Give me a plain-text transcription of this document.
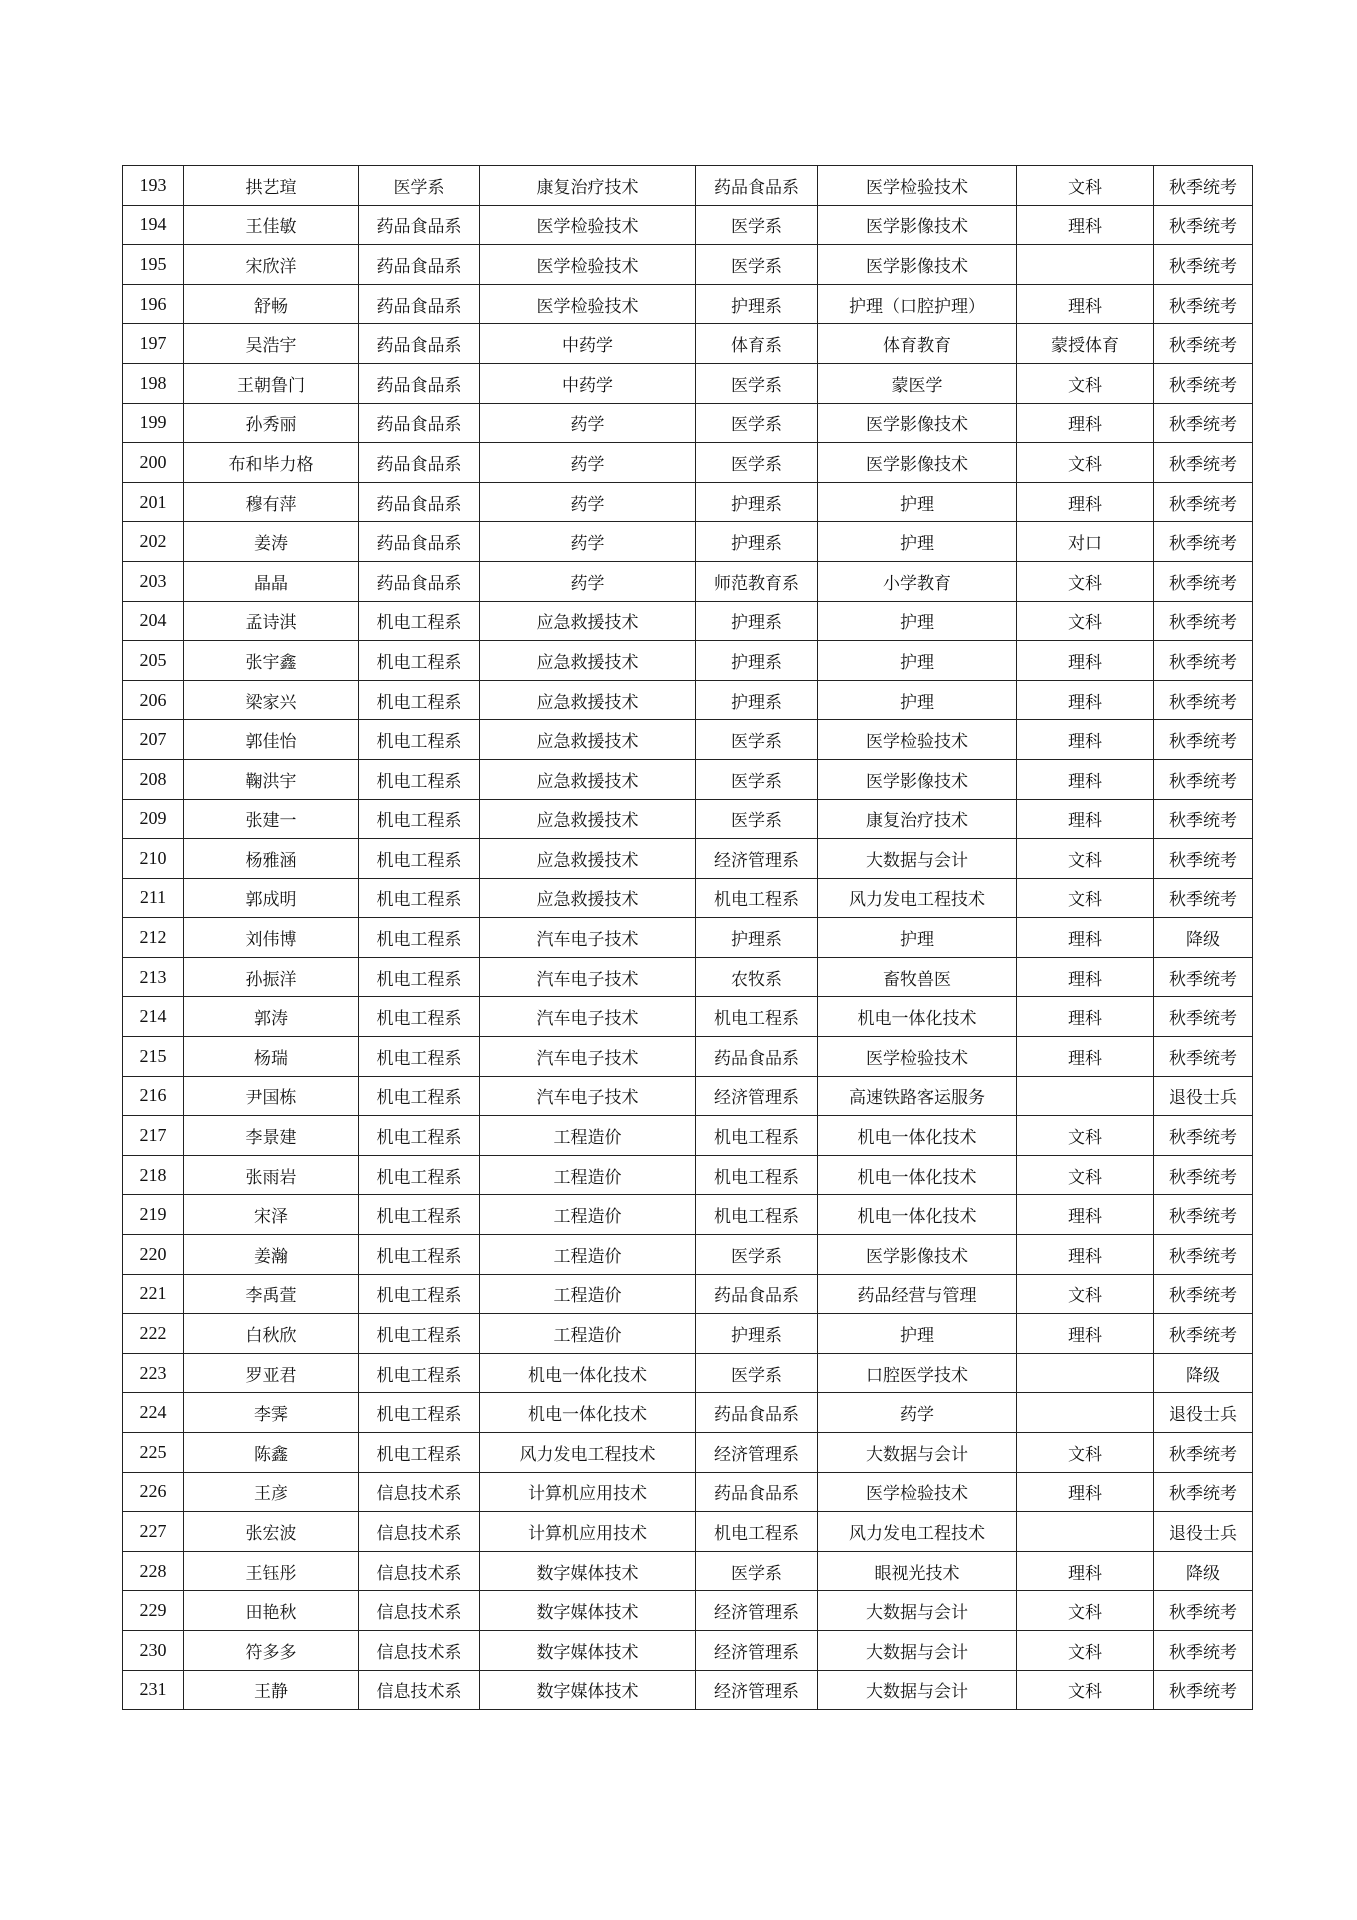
193	拱艺瑄	医学系	康复治疗技术	药品食品系	医学检验技术	文科	秋季统考
194	王佳敏	药品食品系	医学检验技术	医学系	医学影像技术	理科	秋季统考
195	宋欣洋	药品食品系	医学检验技术	医学系	医学影像技术		秋季统考
196	舒畅	药品食品系	医学检验技术	护理系	护理（口腔护理）	理科	秋季统考
197	吴浩宇	药品食品系	中药学	体育系	体育教育	蒙授体育	秋季统考
198	王朝鲁门	药品食品系	中药学	医学系	蒙医学	文科	秋季统考
199	孙秀丽	药品食品系	药学	医学系	医学影像技术	理科	秋季统考
200	布和毕力格	药品食品系	药学	医学系	医学影像技术	文科	秋季统考
201	穆有萍	药品食品系	药学	护理系	护理	理科	秋季统考
202	姜涛	药品食品系	药学	护理系	护理	对口	秋季统考
203	晶晶	药品食品系	药学	师范教育系	小学教育	文科	秋季统考
204	孟诗淇	机电工程系	应急救援技术	护理系	护理	文科	秋季统考
205	张宇鑫	机电工程系	应急救援技术	护理系	护理	理科	秋季统考
206	梁家兴	机电工程系	应急救援技术	护理系	护理	理科	秋季统考
207	郭佳怡	机电工程系	应急救援技术	医学系	医学检验技术	理科	秋季统考
208	鞠洪宇	机电工程系	应急救援技术	医学系	医学影像技术	理科	秋季统考
209	张建一	机电工程系	应急救援技术	医学系	康复治疗技术	理科	秋季统考
210	杨雅涵	机电工程系	应急救援技术	经济管理系	大数据与会计	文科	秋季统考
211	郭成明	机电工程系	应急救援技术	机电工程系	风力发电工程技术	文科	秋季统考
212	刘伟博	机电工程系	汽车电子技术	护理系	护理	理科	降级
213	孙振洋	机电工程系	汽车电子技术	农牧系	畜牧兽医	理科	秋季统考
214	郭涛	机电工程系	汽车电子技术	机电工程系	机电一体化技术	理科	秋季统考
215	杨瑞	机电工程系	汽车电子技术	药品食品系	医学检验技术	理科	秋季统考
216	尹国栋	机电工程系	汽车电子技术	经济管理系	高速铁路客运服务		退役士兵
217	李景建	机电工程系	工程造价	机电工程系	机电一体化技术	文科	秋季统考
218	张雨岩	机电工程系	工程造价	机电工程系	机电一体化技术	文科	秋季统考
219	宋泽	机电工程系	工程造价	机电工程系	机电一体化技术	理科	秋季统考
220	姜瀚	机电工程系	工程造价	医学系	医学影像技术	理科	秋季统考
221	李禹萱	机电工程系	工程造价	药品食品系	药品经营与管理	文科	秋季统考
222	白秋欣	机电工程系	工程造价	护理系	护理	理科	秋季统考
223	罗亚君	机电工程系	机电一体化技术	医学系	口腔医学技术		降级
224	李霁	机电工程系	机电一体化技术	药品食品系	药学		退役士兵
225	陈鑫	机电工程系	风力发电工程技术	经济管理系	大数据与会计	文科	秋季统考
226	王彦	信息技术系	计算机应用技术	药品食品系	医学检验技术	理科	秋季统考
227	张宏波	信息技术系	计算机应用技术	机电工程系	风力发电工程技术		退役士兵
228	王钰彤	信息技术系	数字媒体技术	医学系	眼视光技术	理科	降级
229	田艳秋	信息技术系	数字媒体技术	经济管理系	大数据与会计	文科	秋季统考
230	符多多	信息技术系	数字媒体技术	经济管理系	大数据与会计	文科	秋季统考
231	王静	信息技术系	数字媒体技术	经济管理系	大数据与会计	文科	秋季统考
